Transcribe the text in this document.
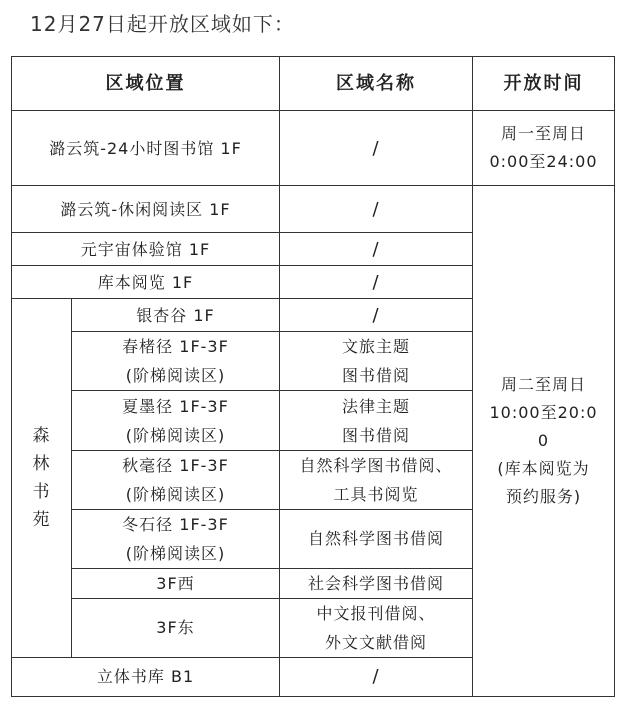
12月27日起开放区域如下：
区域位置		区域名称	开放时间
潞云筑-24小时图书馆 1F		/	周一至周日
0:00至24:00

潞云筑-休闲阅读区 1F		/	周二至周日
10:00至20:0
0
(库本阅览为
预约服务)

元宇宙体验馆 1F		/	
库本阅览 1F		/	

森
林
书
苑	银杏谷 1F	/	

	春楮径 1F-3F
(阶梯阅读区)	文旅主题
图书借阅	

	夏墨径 1F-3F
(阶梯阅读区)	法律主题
图书借阅	

	秋毫径 1F-3F
(阶梯阅读区)	自然科学图书借阅、
工具书阅览	

	冬石径 1F-3F
(阶梯阅读区)	自然科学图书借阅	

	3F西	社会科学图书借阅	
	3F东	中文报刊借阅、
外文文献借阅	

立体书库 B1		/	
